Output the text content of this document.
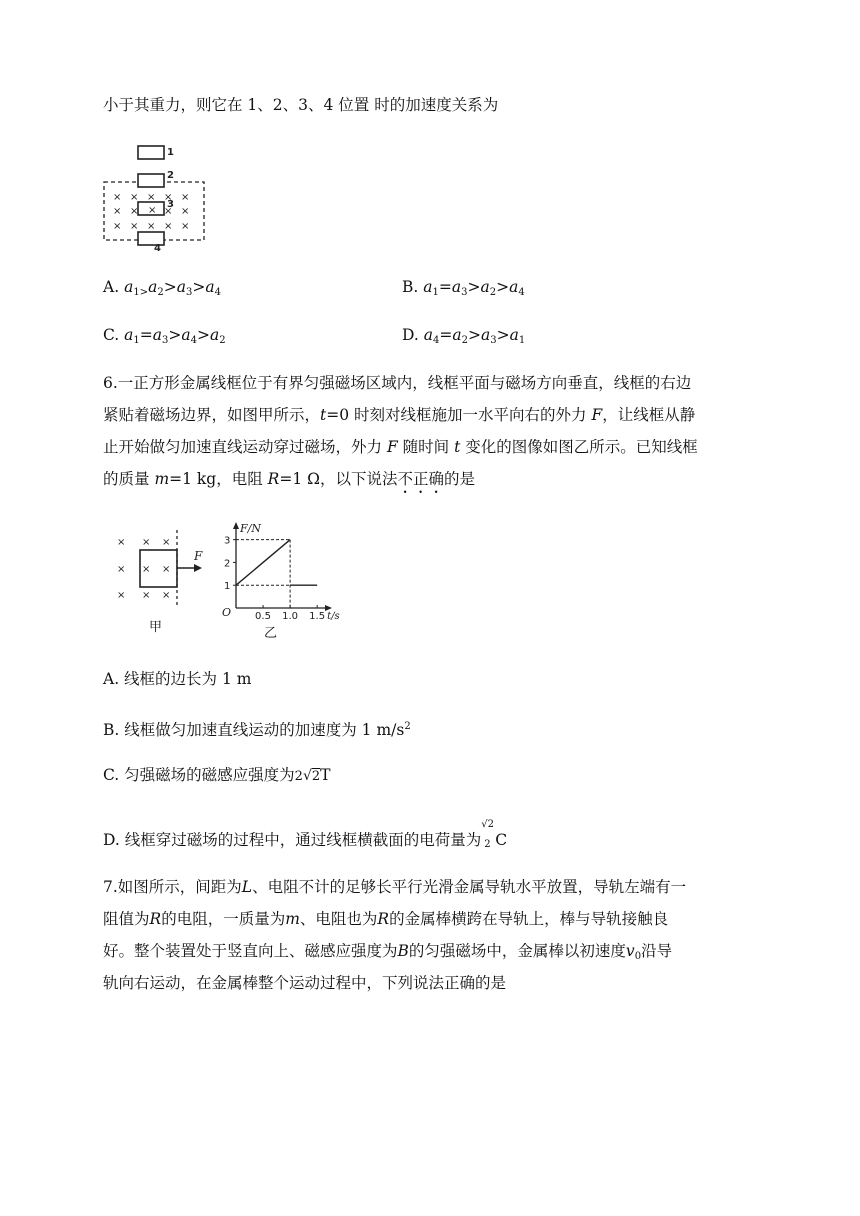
小于其重力，则它在 1、2、3、4 位置 时的加速度关系为
× × × × ×
× ×	× ×
× × × × ×
×
1
2
3
4
A. $a_1>a_2>a_3>a_4$	B. $a_1=a_3>a_2>a_4$
C. $a_1=a_3>a_4>a_2$	D. $a_4=a_2>a_3>a_1$
6.一正方形金属线框位于有界匀强磁场区域内，线框平面与磁场方向垂直，线框的右边
紧贴着磁场边界，如图甲所示，t=0 时刻对线框施加一水平向右的外力 F，让线框从静
止开始做匀加速直线运动穿过磁场，外力 F 随时间 t 变化的图像如图乙所示。已知线框
的质量 m=1 kg，电阻 R=1 Ω，以下说法不正确的是
× × ×
× × ×
× × ×
F
甲
F/N
O
1
2
3
0.5 1.0 1.5 t/s
乙
A. 线框的边长为 1 m
B. 线框做匀加速直线运动的加速度为 1 $m/s^2$
C. 匀强磁场的磁感应强度为2√2T
D. 线框穿过磁场的过程中，通过线框横截面的电荷量为
√2
2 C
7.如图所示，间距为L、电阻不计的足够长平行光滑金属导轨水平放置，导轨左端有一
阻值为R的电阻，一质量为m、电阻也为R的金属棒横跨在导轨上，棒与导轨接触良
好。整个装置处于竖直向上、磁感应强度为B的匀强磁场中，金属棒以初速度$v_0$沿导
轨向右运动，在金属棒整个运动过程中，下列说法正确的是
